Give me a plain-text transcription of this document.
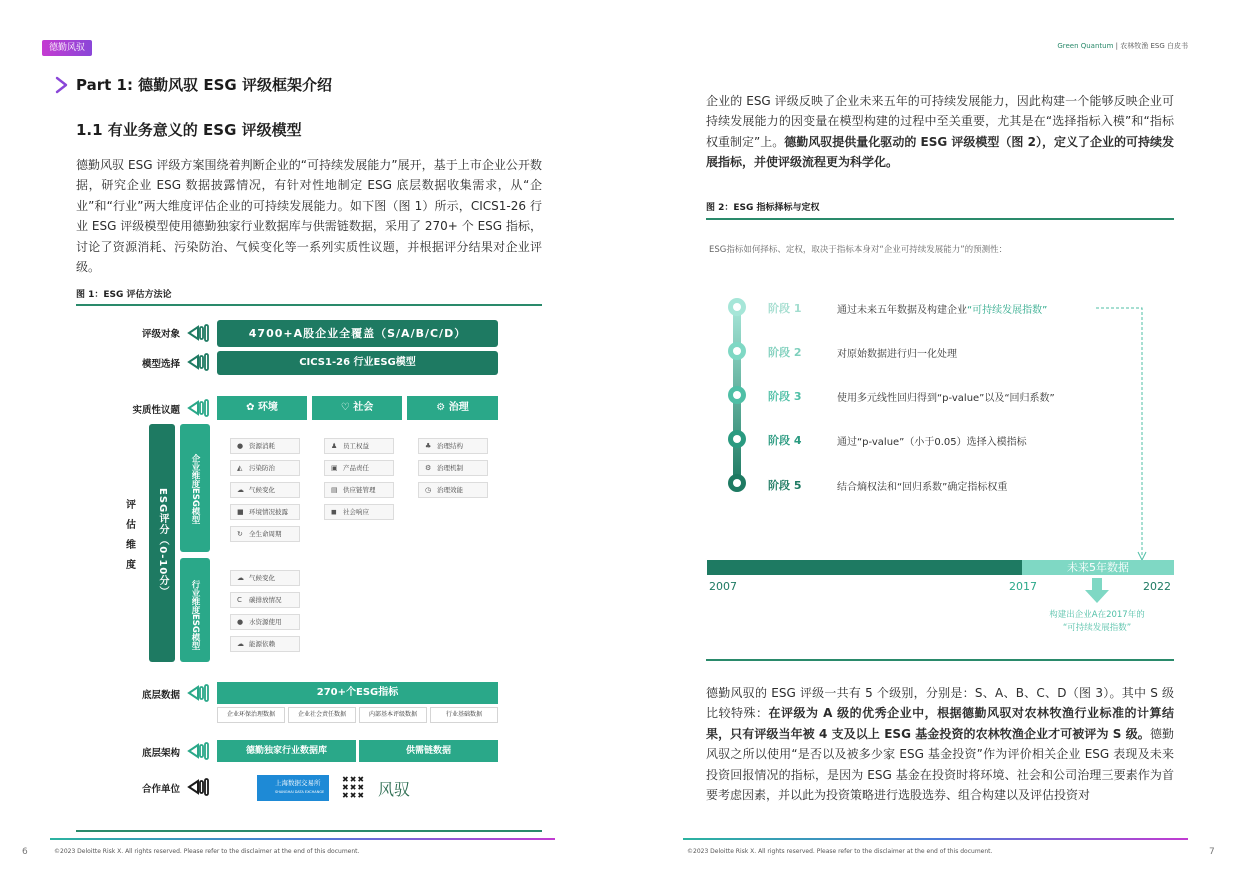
德勤风驭	Green Quantum | 农林牧渔 ESG 白皮书
Part 1: 德勤风驭 ESG 评级框架介绍
1.1 有业务意义的 ESG 评级模型
德勤风驭 ESG 评级方案围绕着判断企业的“可持续发展能力”展开，基于上市企业公开数据，研究企业 ESG 数据披露情况，有针对性地制定 ESG 底层数据收集需求，从“企业”和“行业”两大维度评估企业的可持续发展能力。如下图（图 1）所示，CICS1-26 行业 ESG 评级模型使用德勤独家行业数据库与供需链数据，采用了 270+ 个 ESG 指标，讨论了资源消耗、污染防治、气候变化等一系列实质性议题，并根据评分结果对企业评级。
图 1：ESG 评估方法论
评级对象	4700+A股企业全覆盖（S/A/B/C/D）
模型选择	CICS1-26 行业ESG模型
实质性议题	✿ 环境	♡ 社会	⚙ 治理
评估维度	ESG评分（0-10分）	企业维度ESG模型
行业维度ESG模型
● 资源消耗
◭ 污染防治
☁ 气候变化
■ 环境情况披露
↻ 全生命周期
♟ 员工权益
▣ 产品责任
▤ 供应链管理
◼ 社会响应
♣ 治理结构
⚙ 治理机制
◷ 治理效能
☁ 气候变化
C 碳排放情况
● 水资源使用
☁ 能源依赖
底层数据	270+个ESG指标
企业环保治理数据	企业社会责任数据	内部基本评级数据	行业基础数据
底层架构	德勤独家行业数据库	供需链数据
合作单位
上海数据交易所
SHANGHAI DATA EXCHANGE
✖✖✖
✖✖✖
✖✖✖ 风驭
6	©2023 Deloitte Risk X. All rights reserved. Please refer to the disclaimer at the end of this document.
企业的 ESG 评级反映了企业未来五年的可持续发展能力，因此构建一个能够反映企业可持续发展能力的因变量在模型构建的过程中至关重要，尤其是在“选择指标入模”和“指标权重制定”上。德勤风驭提供量化驱动的 ESG 评级模型（图 2），定义了企业的可持续发展指标，并使评级流程更为科学化。
图 2：ESG 指标择标与定权
ESG指标如何择标、定权，取决于指标本身对“企业可持续发展能力”的预测性：
阶段 1	通过未来五年数据及构建企业“可持续发展指数”
阶段 2	对原始数据进行归一化处理
阶段 3	使用多元线性回归得到“p-value”以及“回归系数”
阶段 4	通过“p-value”（小于0.05）选择入模指标
阶段 5	结合熵权法和“回归系数”确定指标权重
未来5年数据
2007	2017	2022
构建出企业A在2017年的
“可持续发展指数”
德勤风驭的 ESG 评级一共有 5 个级别，分别是：S、A、B、C、D（图 3）。其中 S 级比较特殊：在评级为 A 级的优秀企业中，根据德勤风驭对农林牧渔行业标准的计算结果，只有评级当年被 4 支及以上 ESG 基金投资的农林牧渔企业才可被评为 S 级。德勤风驭之所以使用“是否以及被多少家 ESG 基金投资”作为评价相关企业 ESG 表现及未来投资回报情况的指标，是因为 ESG 基金在投资时将环境、社会和公司治理三要素作为首要考虑因素，并以此为投资策略进行选股选券、组合构建以及评估投资对
©2023 Deloitte Risk X. All rights reserved. Please refer to the disclaimer at the end of this document.	7
